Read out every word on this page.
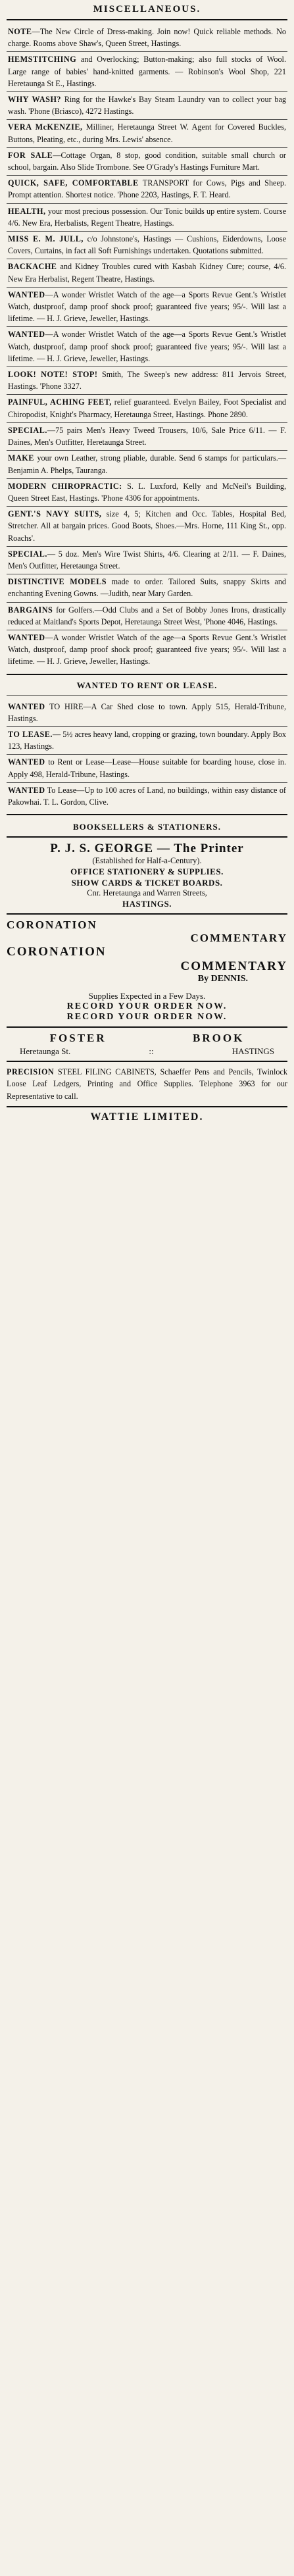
MISCELLANEOUS.
NOTE—The New Circle of Dress-making. Join now! Quick reliable methods. No charge. Rooms above Shaw's, Queen Street, Hastings.
HEMSTITCHING and Overlocking; Button-making; also full stocks of Wool. Large range of babies' hand-knitted garments. — Robinson's Wool Shop, 221 Heretaunga St E., Hastings.
WHY WASH? Ring for the Hawke's Bay Steam Laundry van to collect your bag wash. 'Phone (Briasco), 4272 Hastings.
VERA McKENZIE, Milliner, Heretaunga Street W. Agent for Covered Buckles, Buttons, Pleating, etc., during Mrs. Lewis' absence.
FOR SALE—Cottage Organ, 8 stop, good condition, suitable small church or school, bargain. Also Slide Trombone. See O'Grady's Hastings Furniture Mart.
QUICK, SAFE, COMFORTABLE TRANSPORT for Cows, Pigs and Sheep. Prompt attention. Shortest notice. 'Phone 2203, Hastings, F. T. Heard.
HEALTH, your most precious possession. Our Tonic builds up entire system. Course 4/6. New Era, Herbalists, Regent Theatre, Hastings.
MISS E. M. JULL, c/o Johnstone's, Hastings — Cushions, Eiderdowns, Loose Covers, Curtains, in fact all Soft Furnishings undertaken. Quotations submitted.
BACKACHE and Kidney Troubles cured with Kasbah Kidney Cure; course, 4/6. New Era Herbalist, Regent Theatre, Hastings.
WANTED—A wonder Wristlet Watch of the age—a Sports Revue Gent.'s Wristlet Watch, dustproof, damp proof shock proof; guaranteed five years; 95/-. Will last a lifetime. — H. J. Grieve, Jeweller, Hastings.
WANTED—A wonder Wristlet Watch of the age—a Sports Revue Gent.'s Wristlet Watch, dustproof, damp proof shock proof; guaranteed five years; 95/-. Will last a lifetime. — H. J. Grieve, Jeweller, Hastings.
LOOK! NOTE! STOP! Smith, The Sweep's new address: 811 Jervois Street, Hastings. 'Phone 3327.
PAINFUL, ACHING FEET, relief guaranteed. Evelyn Bailey, Foot Specialist and Chiropodist, Knight's Pharmacy, Heretaunga Street, Hastings. Phone 2890.
SPECIAL.—75 pairs Men's Heavy Tweed Trousers, 10/6, Sale Price 6/11. — F. Daines, Men's Outfitter, Heretaunga Street.
MAKE your own Leather, strong pliable, durable. Send 6 stamps for particulars.—Benjamin A. Phelps, Tauranga.
MODERN CHIROPRACTIC: S. L. Luxford, Kelly and McNeil's Building, Queen Street East, Hastings. 'Phone 4306 for appointments.
GENT.'S NAVY SUITS, size 4, 5; Kitchen and Occ. Tables, Hospital Bed, Stretcher. All at bargain prices. Good Boots, Shoes.—Mrs. Horne, 111 King St., opp. Roachs'.
SPECIAL.— 5 doz. Men's Wire Twist Shirts, 4/6. Clearing at 2/11. — F. Daines, Men's Outfitter, Heretaunga Street.
DISTINCTIVE MODELS made to order. Tailored Suits, snappy Skirts and enchanting Evening Gowns. —Judith, near Mary Garden.
BARGAINS for Golfers.—Odd Clubs and a Set of Bobby Jones Irons, drastically reduced at Maitland's Sports Depot, Heretaunga Street West, 'Phone 4046, Hastings.
WANTED—A wonder Wristlet Watch of the age—a Sports Revue Gent.'s Wristlet Watch, dustproof, damp proof shock proof; guaranteed five years; 95/-. Will last a lifetime. — H. J. Grieve, Jeweller, Hastings.
WANTED TO RENT OR LEASE.
WANTED TO HIRE—A Car Shed close to town. Apply 515, Herald-Tribune, Hastings.
TO LEASE.— 5½ acres heavy land, cropping or grazing, town boundary. Apply Box 123, Hastings.
WANTED to Rent or Lease—Lease—House suitable for boarding house, close in. Apply 498, Herald-Tribune, Hastings.
WANTED To Lease—Up to 100 acres of Land, no buildings, within easy distance of Pakowhai. T. L. Gordon, Clive.
BOOKSELLERS & STATIONERS.
P. J. S. GEORGE — The Printer
(Established for Half-a-Century).
OFFICE STATIONERY & SUPPLIES.
SHOW CARDS & TICKET BOARDS.
Cnr. Heretaunga and Warren Streets,
HASTINGS.
CORONATION
COMMENTARY
CORONATION
COMMENTARY
By DENNIS.
Supplies Expected in a Few Days.
RECORD YOUR ORDER NOW.
RECORD YOUR ORDER NOW.
FOSTER	BROOK
Heretaunga St.	::	HASTINGS
PRECISION STEEL FILING CABINETS, Schaeffer Pens and Pencils, Twinlock Loose Leaf Ledgers, Printing and Office Supplies. Telephone 3963 for our Representative to call.
WATTIE LIMITED.
